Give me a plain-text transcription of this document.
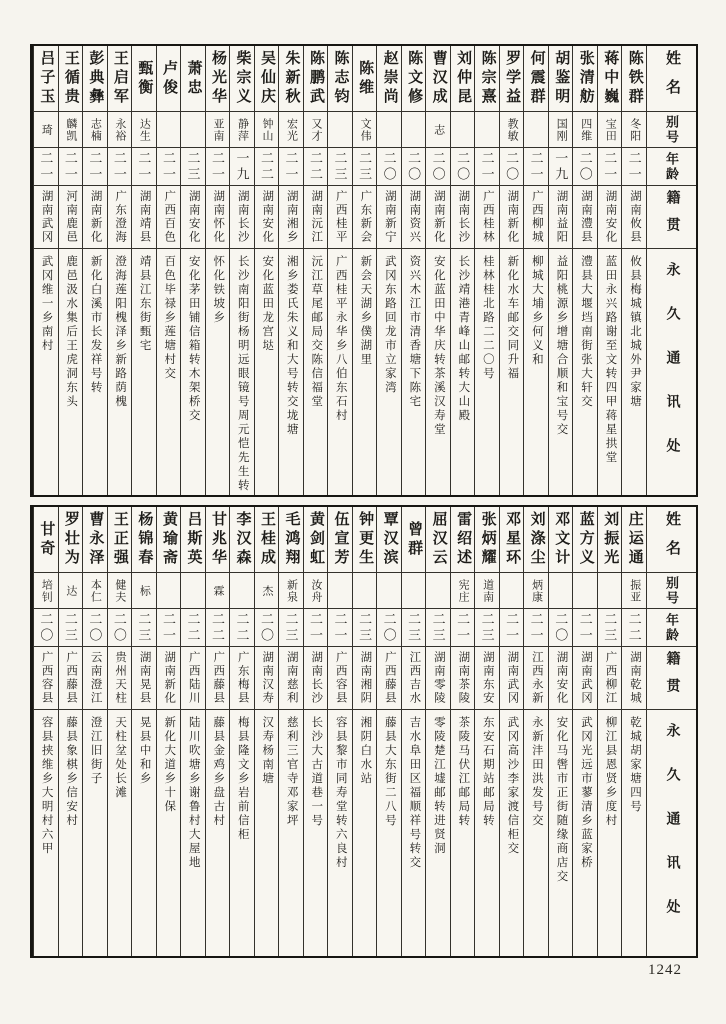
姓名
别号
年龄
籍贯
永久通讯处
陈铁群
冬阳
二一
湖南攸县
攸县梅城镇北城外尹家塘
蒋中巍
宝田
二一
湖南安化
蓝田永兴路谢至文转四甲蒋星拱堂
张清舫
四维
二〇
湖南澧县
澧县大堰垱南街张大轩交
胡鉴明
国刚
一九
湖南益阳
益阳桃源乡增塘合顺和宝号交
何震群
二一
广西柳城
柳城大埔乡何义和
罗学益
教敏
二〇
湖南新化
新化水车邮交同升福
陈宗熹
二一
广西桂林
桂林桂北路二二〇号
刘仲昆
二〇
湖南长沙
长沙靖港青峰山邮转大山殿
曹汉成
志
二〇
湖南新化
安化蓝田中华庆转茶溪汉寿堂
陈文修
二〇
湖南资兴
资兴木江市清香塘下陈宅
赵崇尚
二〇
湖南新宁
武冈东路回龙市立家湾
陈维
文伟
二三
广东新会
新会天湖乡僕湖里
陈志钧
二三
广西桂平
广西桂平永华乡八伯东石村
陈鹏武
又才
二二
湖南沅江
沅江草尾邮局交陈信福堂
朱新秋
宏光
二一
湖南湘乡
湘乡娄氏朱义和大号转交垅塘
吴仙庆
钟山
二二
湖南安化
安化蓝田龙宫垯
柴宗义
静萍
一九
湖南长沙
长沙南阳街杨明远眼镜号周元恺先生转
杨光华
亚南
二一
湖南怀化
怀化铁坡乡
萧忠
二三
湖南安化
安化茅田铺信箱转木架桥交
卢俊
二一
广西百色
百色毕禄乡莲塘村交
甄衡
达生
二一
湖南靖县
靖县江东街甄宅
王启军
永裕
二一
广东澄海
澄海莲阳槐泽乡新路荫槐
彭典彝
志楠
二一
湖南新化
新化白溪市长发祥号转
王循贵
麟凯
二一
河南鹿邑
鹿邑汲水集后王虎洞东头
吕子玉
琦
二一
湖南武冈
武冈维一乡南村
姓名
别号
年龄
籍贯
永久通讯处
庄运通
振亚
二二
湖南乾城
乾城胡家塘四号
刘振光
二三
广西柳江
柳江县恩贤乡度村
蓝方义
二一
湖南武冈
武冈光远市蓼清乡蓝家桥
邓文计
二〇
湖南安化
安化马辔市正街随缘商店交
刘涤尘
炳康
二一
江西永新
永新沣田洪发号交
邓星环
二一
湖南武冈
武冈高沙李家渡信柜交
张炳耀
道南
二三
湖南东安
东安石期站邮局转
雷绍述
宪庄
二一
湖南茶陵
茶陵马伏江邮局转
屈汉云
二三
湖南零陵
零陵楚江墟邮转进贤洞
曾群
二三
江西吉水
吉水阜田区福顺祥号转交
覃汉滨
二〇
广西藤县
藤县大东街二八号
钟更生
二三
湖南湘阴
湘阴白水站
伍宣芳
二一
广西容县
容县黎市同寿堂转六良村
黄剑虹
汝舟
二一
湖南长沙
长沙大古道巷一号
毛鸿翔
新泉
二三
湖南慈利
慈利三官寺邓家坪
王桂成
杰
二〇
湖南汉寿
汉寿杨南塘
李汉森
二二
广东梅县
梅县隆文乡岩前信柜
甘兆华
霖
二二
广西藤县
藤县金鸡乡盘古村
吕斯英
二二
广西陆川
陆川吹塘乡谢鲁村大屋地
黄瑜斋
二一
湖南新化
新化大道乡十保
杨锦春
标
二三
湖南晃县
晃县中和乡
王正强
健夫
二〇
贵州天柱
天柱坌处长滩
曹永泽
本仁
二〇
云南澄江
澄江旧街子
罗壮为
达
二三
广西藤县
藤县象棋乡信安村
甘奇
培钊
二〇
广西容县
容县挟维乡大明村六甲
1242
